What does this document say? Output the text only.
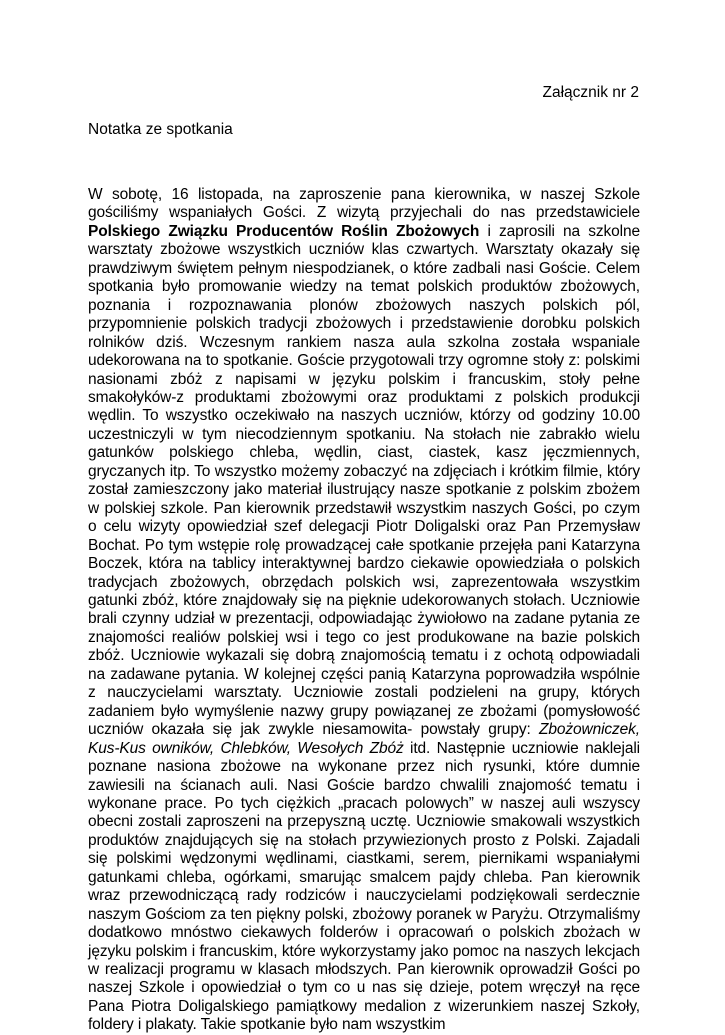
Załącznik nr 2
Notatka ze spotkania

W sobotę, 16 listopada, na zaproszenie pana kierownika, w naszej Szkole gościliśmy wspaniałych Gości. Z wizytą przyjechali do nas przedstawiciele Polskiego Związku Producentów Roślin Zbożowych i zaprosili na szkolne warsztaty zbożowe wszystkich uczniów klas czwartych. Warsztaty okazały się prawdziwym świętem pełnym niespodzianek, o które zadbali nasi Goście. Celem spotkania było promowanie wiedzy na temat polskich produktów zbożowych, poznania i rozpoznawania plonów zbożowych naszych polskich pól, przypomnienie polskich tradycji zbożowych i przedstawienie dorobku polskich rolników dziś. Wczesnym rankiem nasza aula szkolna została wspaniale udekorowana na to spotkanie. Goście przygotowali trzy ogromne stoły z: polskimi nasionami zbóż z napisami w języku polskim i francuskim, stoły pełne smakołyków-z produktami zbożowymi oraz produktami z polskich produkcji wędlin. To wszystko oczekiwało na naszych uczniów, którzy od godziny 10.00 uczestniczyli w tym niecodziennym spotkaniu. Na stołach nie zabrakło wielu gatunków polskiego chleba, wędlin, ciast, ciastek, kasz jęczmiennych, gryczanych itp. To wszystko możemy zobaczyć na zdjęciach i krótkim filmie, który został zamieszczony jako materiał ilustrujący nasze spotkanie z polskim zbożem w polskiej szkole. Pan kierownik przedstawił wszystkim naszych Gości, po czym o celu wizyty opowiedział szef delegacji Piotr Doligalski oraz Pan Przemysław Bochat. Po tym wstępie rolę prowadzącej całe spotkanie przejęła pani Katarzyna Boczek, która na tablicy interaktywnej bardzo ciekawie opowiedziała o polskich tradycjach zbożowych, obrzędach polskich wsi, zaprezentowała wszystkim gatunki zbóż, które znajdowały się na pięknie udekorowanych stołach. Uczniowie brali czynny udział w prezentacji, odpowiadając żywiołowo na zadane pytania ze znajomości realiów polskiej wsi i tego co jest produkowane na bazie polskich zbóż. Uczniowie wykazali się dobrą znajomością tematu i z ochotą odpowiadali na zadawane pytania. W kolejnej części panią Katarzyna poprowadziła wspólnie z nauczycielami warsztaty. Uczniowie zostali podzieleni na grupy, których zadaniem było wymyślenie nazwy grupy powiązanej ze zbożami (pomysłowość uczniów okazała się jak zwykle niesamowita- powstały grupy: Zbożowniczek, Kus-Kus owników, Chlebków, Wesołych Zbóż itd. Następnie uczniowie naklejali poznane nasiona zbożowe na wykonane przez nich rysunki, które dumnie zawiesili na ścianach auli. Nasi Goście bardzo chwalili znajomość tematu i wykonane prace. Po tych ciężkich „pracach polowych” w naszej auli wszyscy obecni zostali zaproszeni na przepyszną ucztę. Uczniowie smakowali wszystkich produktów znajdujących się na stołach przywiezionych prosto z Polski. Zajadali się polskimi wędzonymi wędlinami, ciastkami, serem, piernikami wspaniałymi gatunkami chleba, ogórkami, smarując smalcem pajdy chleba. Pan kierownik wraz przewodniczącą rady rodziców i nauczycielami podziękowali serdecznie naszym Gościom za ten piękny polski, zbożowy poranek w Paryżu. Otrzymaliśmy dodatkowo mnóstwo ciekawych folderów i opracowań o polskich zbożach w języku polskim i francuskim, które wykorzystamy jako pomoc na naszych lekcjach w realizacji programu w klasach młodszych. Pan kierownik oprowadził Gości po naszej Szkole i opowiedział o tym co u nas się dzieje, potem wręczył na ręce Pana Piotra Doligalskiego pamiątkowy medalion z wizerunkiem naszej Szkoły, foldery i plakaty. Takie spotkanie było nam wszystkim
